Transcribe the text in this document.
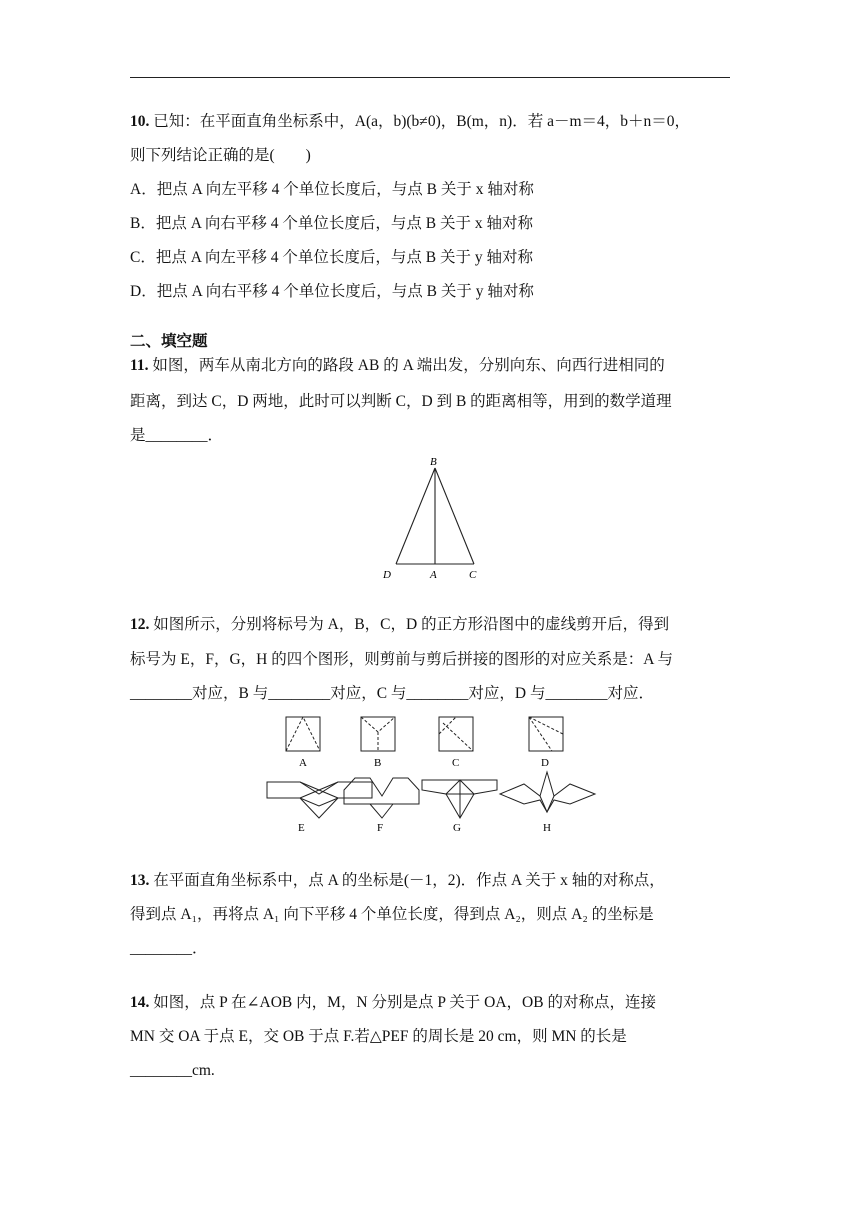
10. 已知：在平面直角坐标系中，A(a，b)(b≠0)，B(m，n)．若 a－m＝4，b＋n＝0，
则下列结论正确的是(　　)
A．把点 A 向左平移 4 个单位长度后，与点 B 关于 x 轴对称
B．把点 A 向右平移 4 个单位长度后，与点 B 关于 x 轴对称
C．把点 A 向左平移 4 个单位长度后，与点 B 关于 y 轴对称
D．把点 A 向右平移 4 个单位长度后，与点 B 关于 y 轴对称
二、填空题
11. 如图，两车从南北方向的路段 AB 的 A 端出发，分别向东、向西行进相同的
距离，到达 C，D 两地，此时可以判断 C，D 到 B 的距离相等，用到的数学道理
是________．
B
D	A	C
12. 如图所示，分别将标号为 A，B，C，D 的正方形沿图中的虚线剪开后，得到
标号为 E，F，G，H 的四个图形，则剪前与剪后拼接的图形的对应关系是：A 与
________对应，B 与________对应，C 与________对应，D 与________对应．
A	B	C	D
E	F	G	H
13. 在平面直角坐标系中，点 A 的坐标是(－1，2)．作点 A 关于 x 轴的对称点，
得到点 A₁，再将点 A₁ 向下平移 4 个单位长度，得到点 A₂，则点 A₂ 的坐标是
________．
14. 如图，点 P 在∠AOB 内，M，N 分别是点 P 关于 OA，OB 的对称点，连接
MN 交 OA 于点 E，交 OB 于点 F.若△PEF 的周长是 20 cm，则 MN 的长是
________cm.
